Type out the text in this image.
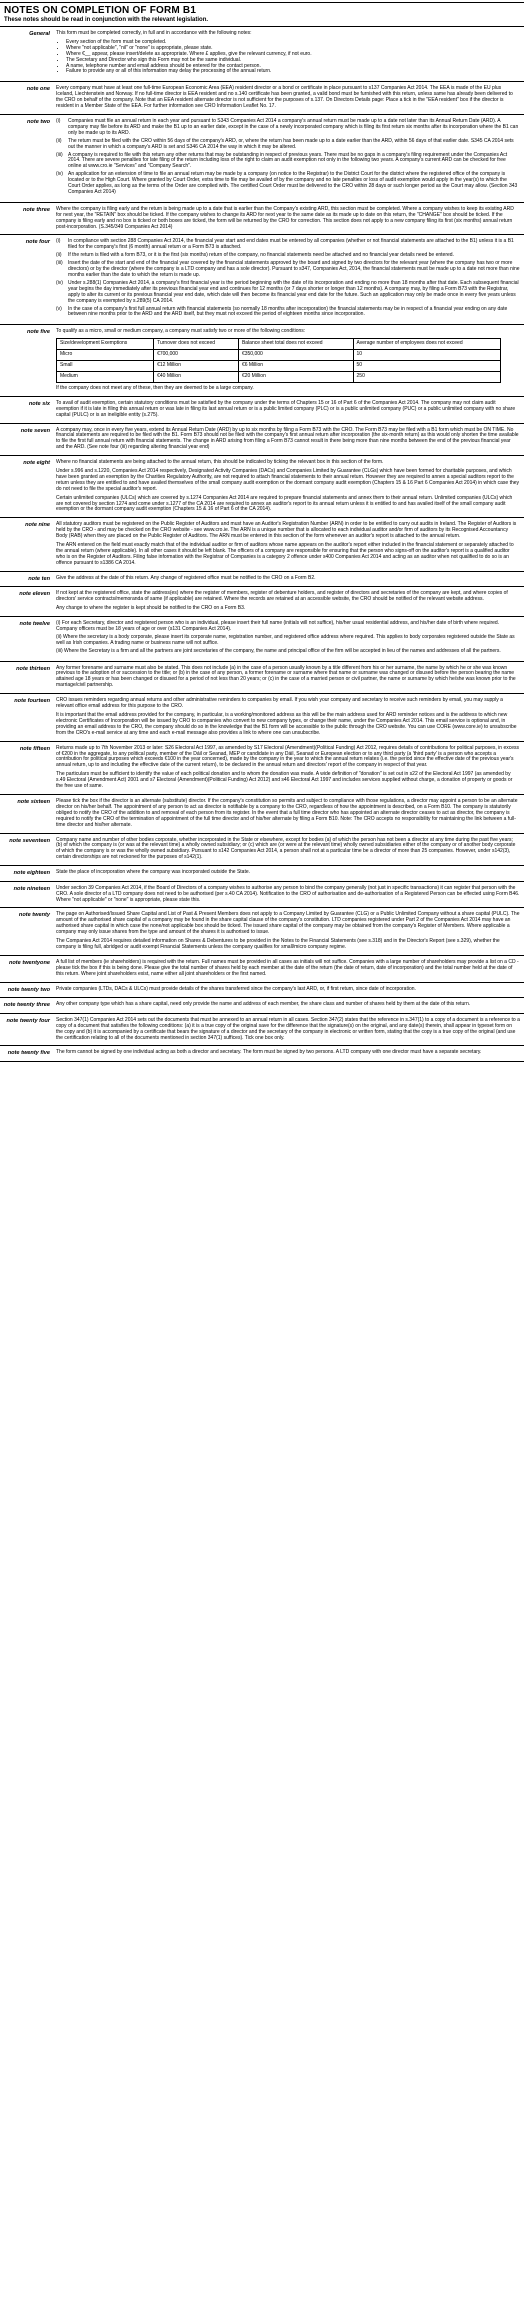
NOTES ON COMPLETION OF FORM B1
These notes should be read in conjunction with the relevant legislation.
General	This form must be completed correctly, in full and in accordance with the following notes:

• Every section of the form must be completed.
• Where "not applicable", "nil" or "none" is appropriate, please state.
• Where €__ appear, please insert/delete as appropriate. Where £ applies, give the relevant currency, if not euro.
• The Secretary and Director who sign this Form may not be the same individual.
• A name, telephone number and email address should be entered for the contact person.
• Failure to provide any or all of this information may delay the processing of the annual return.
note one	Every company must have at least one full-time European Economic Area (EEA) resident director or a bond or certificate in place pursuant to s137 Companies Act 2014. The EEA is made of the EU plus Iceland, Liechtenstein and Norway. If no full-time director is EEA resident and no s.140 certificate has been granted, a valid bond must be furnished with this return, unless same has already been delivered to the CRO on behalf of the company. Note that an EEA resident alternate director is not sufficient for the purposes of s.137. On Directors Details page: Place a tick in the "EEA resident" box if the director is resident in a Member State of the EEA. For further information see CRO Information Leaflet No. 17.

note two	(i)	Companies must file an annual return in each year and pursuant to S343 Companies Act 2014 a company's annual return must be made up to a date not later than its Annual Return Date (ARD). A company may file before its ARD and make the B1 up to an earlier date, except in the case of a newly incorporated company which is filing its first return six months after its incorporation where the B1 can only be made up to its ARD.
(ii)	The return must be filed with the CRO within 56 days of the company's ARD, or, where the return has been made up to a date earlier than the ARD, within 56 days of that earlier date. S345 CA 2014 sets out the manner in which a company's ARD is set and S346 CA 2014 the way in which it may be altered.
(iii)	A company is required to file with this return any other returns that may be outstanding in respect of previous years. There must be no gaps in a company's filing requirement under the Companies Act 2014. There are severe penalties for late filing of the return including loss of the right to claim an audit exemption not only in the following two years. A company's current ARD can be checked for free online at www.cro.ie "Services" and "Company Search".
(iv)	An application for an extension of time to file an annual return may be made by a company (on notice to the Registrar) to the District Court for the district where the registered office of the company is located or to the High Court. Where granted by Court Order, extra time to file may be availed of by the company and no late penalties or loss of audit exemption would apply in the year(s) to which the Court Order applies, as long as the terms of the Order are complied with. The certified Court Order must be delivered to the CRO within 28 days or such longer period as the Court may allow. (Section 343 Companies Act 2014)
note three	Where the company is filing early and the return is being made up to a date that is earlier than the Company's existing ARD, this section must be completed. Where a company wishes to keep its existing ARD for next year, the "RETAIN" box should be ticked. If the company wishes to change its ARD for next year to the same date as its made up to date on this return, the "CHANGE" box should be ticked. If the company is filing early and no box is ticked or both boxes are ticked, the form will be returned by the CRO for correction. This section does not apply to a new company filing its first (six months) annual return post-incorporation. (S.345/349 Companies Act 2014)

note four	(i)	In compliance with section 288 Companies Act 2014, the financial year start and end dates must be entered by all companies (whether or not financial statements are attached to the B1) unless it is a B1 filed for the company's first (6 month) annual return or a Form B73 is attached.
(ii)	If the return is filed with a form B73, or it is the first (six months) return of the company, no financial statements need be attached and no financial year details need be entered.
(iii)	Insert the date of the start and end of the financial year covered by the financial statements approved by the board and signed by two directors for the relevant year (where the company has two or more directors) or by the director (where the company is a LTD company and has a sole director). Pursuant to s347, Companies Act, 2014, the financial statements must be made up to a date not more than nine months earlier than the date to which the return is made up.
(iv)	Under s.288(1) Companies Act 2014, a company's first financial year is the period beginning with the date of its incorporation and ending no more than 18 months after that date. Each subsequent financial year begins the day immediately after its previous financial year end and continues for 12 months (or 7 days shorter or longer than 12 months). A company may, by filing a Form B73 with the Registrar, apply to alter its current or its previous financial year end date, which date will then become its financial year end date for the future. Such an application may only be made once in every five years unless the company is exempted by s.289(5) CA 2014.
(v)	In the case of a company's first full annual return with financial statements (so normally 18 months after incorporation) the financial statements may be in respect of a financial year ending on any date between nine months prior to the ARD and the ARD itself, but they must not exceed the period of eighteen months since incorporation.
note five	To qualify as a micro, small or medium company, a company must satisfy two or more of the following conditions:

Size/development Exemptions	Turnover does not exceed	Balance sheet total does not exceed	Average number of employees does not exceed
Micro	€700,000	€350,000	10
Small	€12 Million	€6 Million	50
Medium	€40 Million	€20 Million	250

If the company does not meet any of these, then they are deemed to be a large company.

note six	To avail of audit exemption, certain statutory conditions must be satisfied by the company under the terms of Chapters 15 or 16 of Part 6 of the Companies Act 2014. The company may not claim audit exemption if it is late in filing this annual return or was late in filing its last annual return or is a public limited company (PLC) or is a public unlimited company (PUC) or a public unlimited company with no share capital (PULC) or is an ineligible entity (s.275).

note seven	A company may, once in every five years, extend its Annual Return Date (ARD) by up to six months by filing a Form B73 with the CRO. The Form B73 may be filed with a B1 form which must be ON TIME. No financial statements are required to be filed with the B1. Form B73 should not be filed with the company's first annual return after incorporation (the six-month return) as this would only shorten the time available to file the first full annual return with financial statements. The change in ARD arising from filing a Form B73 cannot result in there being more than nine months between the end of the previous financial year and the ARD. (See note four (iii) regarding altering financial year end)

note eight	Where no financial statements are being attached to the annual return, this should be indicated by ticking the relevant box in this section of the form.

Under s.996 and s.1220, Companies Act 2014 respectively, Designated Activity Companies (DACs) and Companies Limited by Guarantee (CLGs) which have been formed for charitable purposes, and which have been granted an exemption by the Charities Regulatory Authority, are not required to attach financial statements to their annual return. However they are required to annex a special auditors report to the return unless they are entitled to and have availed themselves of the small company audit exemption or the dormant company audit exemption (Chapters 15 & 16 Part 6 Companies Act 2014) in which case they do not need to file the special auditor's report.

Certain unlimited companies (ULCs) which are covered by s.1274 Companies Act 2014 are required to prepare financial statements and annex them to their annual return. Unlimited companies (ULCs) which are not covered by section 1274 and come under s.1277 of the CA 2014 are required to annex an auditor's report to its annual return unless it is entitled to and has availed itself of the small company audit exemption or the dormant company audit exemption (Chapters 15 & 16 of Part 6 of the CA 2014).

note nine	All statutory auditors must be registered on the Public Register of Auditors and must have an Auditor's Registration Number (ARN) in order to be entitled to carry out audits in Ireland. The Register of Auditors is held by the CRO - and may be checked on the CRO website - see www.cro.ie. The ARN is a unique number that is allocated to each individual auditor and/or firm of auditors by its Recognised Accountancy Body (RAB) when they are placed on the Public Register of Auditors. The ARN must be entered in this section of the form whenever an auditor's report is attached to the annual return.

The ARN entered on the field must exactly match that of the individual auditor or firm of auditors whose name appears on the auditor's report either included in the financial statement or separately attached to the annual return (where applicable). In all other cases it should be left blank. The officers of a company are responsible for ensuring that the person who signs-off on the auditor's report is a qualified auditor who is on the Register of Auditors. Filing false information with the Registrar of Companies is a category 2 offence under s400 Companies Act 2014 and acting as an auditor when not qualified to do so is an offence pursuant to s1386 CA 2014.

note ten	Give the address at the date of this return. Any change of registered office must be notified to the CRO on a Form B2.

note eleven	If not kept at the registered office, state the address(es) where the register of members, register of debenture holders, and register of directors and secretaries of the company are kept, and where copies of directors' service contracts/memoranda of same (if applicable) are retained. Where the records are retained at an accessible website, the CRO should be notified of the relevant website address.

Any change to where the register is kept should be notified to the CRO on a Form B3.

note twelve	(i) For each Secretary, director and registered person who is an individual, please insert their full name (initials will not suffice), his/her usual residential address, and his/her date of birth where required. Company officers must be 18 years of age or over (s131 Companies Act 2014).
(ii) Where the secretary is a body corporate, please insert its corporate name, registration number, and registered office address where required. This applies to body corporates registered outside the State as well as Irish companies. A trading name or business name will not suffice.
(iii) Where the Secretary is a firm and all the partners are joint secretaries of the company, the name and principal office of the firm will be accepted in lieu of the names and addresses of all the partners.
note thirteen	Any former forename and surname must also be stated. This does not include (a) in the case of a person usually known by a title different from his or her surname, the name by which he or she was known previous to the adoption of or succession to the title; or (b) in the case of any person, a former forename or surname where that name or surname was changed or disused before the person bearing the name attained age 18 years or has been changed or disused for a period of not less than 20 years; or (c) in the case of a married person or civil partner, the name or surname by which he/she was known prior to the marriage/civil partnership.

note fourteen	CRO issues reminders regarding annual returns and other administrative reminders to companies by email. If you wish your company and secretary to receive such reminders by email, you may supply a relevant office email address for this purpose to the CRO.

It is important that the email address provided for the company, in particular, is a working/monitored address as this will be the main address used for ARD reminder notices and is the address to which new electronic Certificates of Incorporation will be issued by CRO to companies who convert to new company types, or change their name, under the Companies Act 2014. This email service is optional and, in providing an email address to the CRO, the company should do so in the knowledge that the B1 form will be accessible to the public through the CRO website. You can use CORE (www.core.ie) to unsubscribe from the CRO's e-mail service at any time and each e-mail message also provides a link to where one can unsubscribe.

note fifteen	Returns made up to 7th November 2013 or later: S26 Electoral Act 1997, as amended by S17 Electoral (Amendment)(Political Funding) Act 2012, requires details of contributions for political purposes, in excess of €200 in the aggregate, to any political party, member of the Dáil or Seanad, MEP or candidate in any Dáil, Seanad or European election or to any third party (a 'third party' is a person who accepts a contribution for political purposes which exceeds €100 in the year concerned), made by the company in the year to which the annual return relates (i.e. the period since the effective date of the previous year's annual return, up to and including the effective date of the current return), to be declared in the annual return and directors' report of the company in respect of that year.

The particulars must be sufficient to identify the value of each political donation and to whom the donation was made. A wide definition of "donation" is set out in s22 of the Electoral Act 1997 (as amended by s.49 Electoral (Amendment Act) 2001 and s7 Electoral (Amendment)(Political Funding) Act 2012) and s46 Electoral Act 1997 and includes services supplied without charge, a donation of property or goods or the free use of same.

note sixteen	Please tick the box if the director is an alternate (substitute) director. If the company's constitution so permits and subject to compliance with those regulations, a director may appoint a person to be an alternate director on his/her behalf. The appointment of any person to act as director is notifiable by a company to the CRO, regardless of how the appointment is described, on a Form B10. The company is statutorily obliged to notify the CRO of the addition to and removal of each person from its register. In the event that a full time director who has appointed an alternate director ceases to act as director, the company is required to notify the CRO of the termination of appointment of the full time director and of his/her alternate by filing a Form B10. Note: The CRO accepts no responsibility for maintaining the link between a full-time director and his/her alternate.

note seventeen	Company name and number of other bodies corporate, whether incorporated in the State or elsewhere, except for bodies (a) of which the person has not been a director at any time during the past five years; (b) of which the company is (or was at the relevant time) a wholly owned subsidiary; or (c) which are (or were at the relevant time) wholly owned subsidiaries either of the company or of another body corporate of which the company is or was the wholly owned subsidiary. Pursuant to s142 Companies Act 2014, a person shall not at a particular time be a director of more than 25 companies. However, under s142(3), certain directorships are not reckoned for the purposes of s142(1).

note eighteen	State the place of incorporation where the company was incorporated outside the State.

note nineteen	Under section 39 Companies Act 2014, if the Board of Directors of a company wishes to authorise any person to bind the company generally (not just in specific transactions) it can register that person with the CRO. A sole director of a LTD company does not need to be authorised (per s.40 CA 2014). Notification to the CRO of authorisation and de-authorisation of a Registered Person can be effected using Form B46. Where "not applicable" or "none" is appropriate, please state this.

note twenty	The page on Authorised/Issued Share Capital and List of Past & Present Members does not apply to a Company Limited by Guarantee (CLG) or a Public Unlimited Company without a share capital (PULC). The amount of the authorised share capital of a company may be found in the share capital clause of the company's constitution. LTD companies registered under Part 2 of the Companies Act 2014 may have an authorised share capital in which case the none/not applicable box should be ticked. The issued share capital of the company may be obtained from the company's Register of Members. Where applicable a company may only issue shares from the type and amount of the shares it is authorised to issue.

The Companies Act 2014 requires detailed information on Shares & Debentures to be provided in the Notes to the Financial Statements (see s.318) and in the Director's Report (see s.329), whether the company is filing full, abridged or audit exempt Financial Statements unless the company qualifies for small/micro company regime.

note twentyone	A full list of members (ie shareholders) is required with the return. Full names must be provided in all cases as initials will not suffice. Companies with a large number of shareholders may provide a list on a CD - please tick the box if this is being done. Please give the total number of shares held by each member at the date of the return (the date of return, date of incorporation) and the total number held at the date of this return. Where joint shareholders exist, name either all joint shareholders or the first named.

note twenty two	Private companies (LTDs, DACs & ULCs) must provide details of the shares transferred since the company's last ARD, or, if first return, since date of incorporation.

note twenty three	Any other company type which has a share capital, need only provide the name and address of each member, the share class and number of shares held by them at the date of this return.

note twenty four	Section 347(1) Companies Act 2014 sets out the documents that must be annexed to an annual return in all cases. Section 347(2) states that the reference in s.347(1) to a copy of a document is a reference to a copy of a document that satisfies the following conditions: (a) it is a true copy of the original save for the difference that the signature(s) on the original, and any date(s) therein, shall appear in typeset form on the copy and (b) it is accompanied by a certificate that bears the signature of a director and the secretary of the company in electronic or written form, stating that the copy is a true copy of the original (and use the certification relating to all of the documents mentioned in section 347(1) suffices). Tick one box only.

note twenty five	The form cannot be signed by one individual acting as both a director and secretary. The form must be signed by two persons. A LTD company with one director must have a separate secretary.
